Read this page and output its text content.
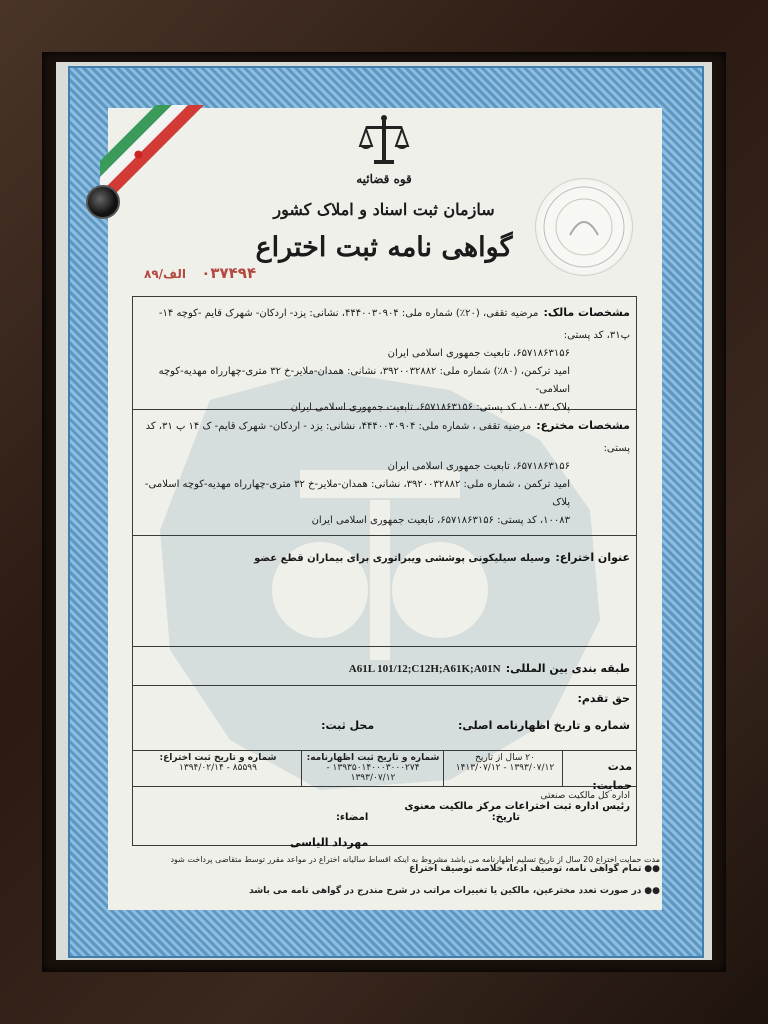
قوه قضائیه
سازمان ثبت اسناد و املاک کشور
گواهی نامه ثبت اختراع
۰۳۷۴۹۴ الف/۸۹
مشخصات مالک: مرضیه تقفی، (۲۰٪) شماره ملی: ۴۴۴۰۰۳۰۹۰۴، نشانی: یزد- اردکان- شهرک قایم -کوچه ۱۴-پ۳۱، کد پستی:
۶۵۷۱۸۶۳۱۵۶، تابعیت جمهوری اسلامی ایران
امید ترکمن، (۸۰٪) شماره ملی: ۳۹۲۰۰۳۲۸۸۲، نشانی: همدان-ملایر-خ ۳۲ متری-چهارراه مهدیه-کوچه اسلامی-
پلاک ۱۰۰۸۳، کد پستی: ۶۵۷۱۸۶۳۱۵۶، تابعیت جمهوری اسلامی ایران
مشخصات مخترع: مرضیه تقفی ، شماره ملی: ۴۴۴۰۰۳۰۹۰۴، نشانی: یزد - اردکان- شهرک قایم- ک ۱۴ پ ۳۱، کد پستی:
۶۵۷۱۸۶۳۱۵۶، تابعیت جمهوری اسلامی ایران
امید ترکمن ، شماره ملی: ۳۹۲۰۰۳۲۸۸۲، نشانی: همدان-ملایر-خ ۳۲ متری-چهارراه مهدیه-کوچه اسلامی-پلاک
۱۰۰۸۳، کد پستی: ۶۵۷۱۸۶۳۱۵۶، تابعیت جمهوری اسلامی ایران
عنوان اختراع: وسیله سیلیکونی پوششی ویبراتوری برای بیماران قطع عضو
طبقه بندی بین المللی: A61L 101/12;C12H;A61K;A01N
حق تقدم:
شماره و تاریخ اظهارنامه اصلی: محل ثبت:
مدت حمایت:
۲۰ سال از تاریخ
۱۳۹۳/۰۷/۱۲ - ۱۴۱۳/۰۷/۱۲
شماره و تاریخ ثبت اظهارنامه:
۱۳۹۳۵۰۱۴۰۰۰۳۰۰۰۲۷۴ - ۱۳۹۳/۰۷/۱۲
شماره و تاریخ ثبت اختراع:
۸۵۵۹۹ - ۱۳۹۴/۰۲/۱۴
اداره کل مالکیت صنعتی
رئیس اداره ثبت اختراعات مرکز مالکیت معنوی
تاریخ: امضاء:
مهرداد الیاسی
مدت حمایت اختراع 20 سال از تاریخ تسلیم اظهارنامه می باشد مشروط به اینکه اقساط سالیانه اختراع در مواعد مقرر توسط متقاضی پرداخت شود
●● تمام گواهی نامه، توصیف ادعا، خلاصه توصیف اختراع
●● در صورت تعدد مخترعین، مالکین یا تغییرات مراتب در شرح مندرج در گواهی نامه می باشد
